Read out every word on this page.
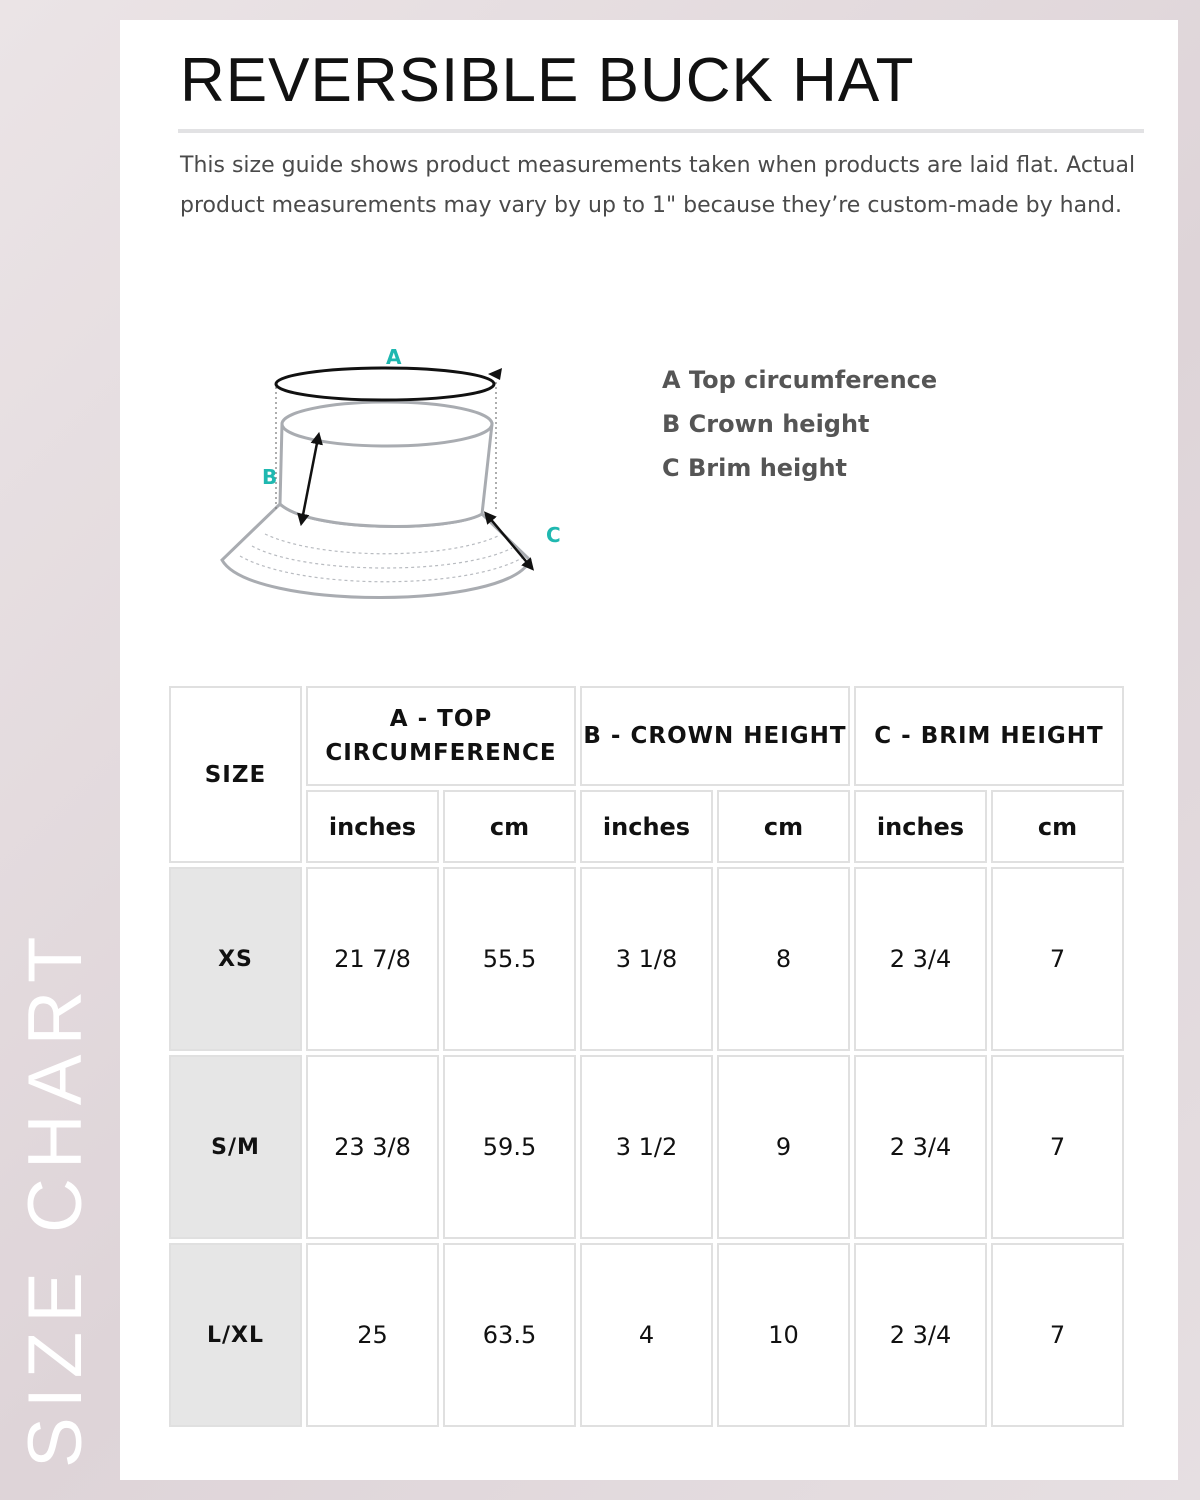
SIZE CHART
REVERSIBLE BUCK HAT

This size guide shows product measurements taken when products are laid flat. Actual product measurements may vary by up to 1" because they’re custom-made by hand.

A
B
C
A Top circumference
B Crown height
C Brim height
SIZE	A - TOP CIRCUMFERENCE		B - CROWN HEIGHT		C - BRIM HEIGHT	
	inches	cm	inches	cm	inches	cm
XS	21 7/8	55.5	3 1/8	8	2 3/4	7
S/M	23 3/8	59.5	3 1/2	9	2 3/4	7
L/XL	25	63.5	4	10	2 3/4	7
